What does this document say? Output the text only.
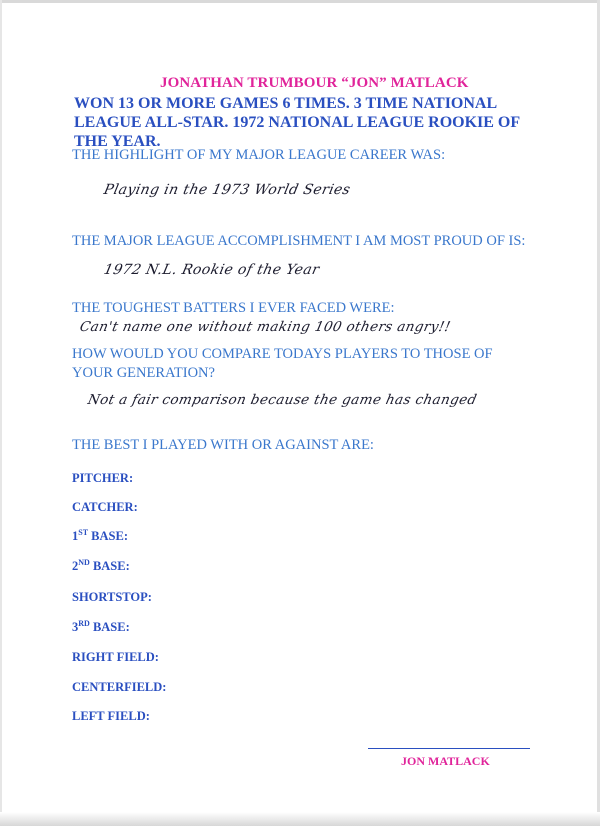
JONATHAN TRUMBOUR “JON” MATLACK
WON 13 OR MORE GAMES 6 TIMES. 3 TIME NATIONAL LEAGUE ALL-STAR. 1972 NATIONAL LEAGUE ROOKIE OF THE YEAR.
THE HIGHLIGHT OF MY MAJOR LEAGUE CAREER WAS:
Playing in the 1973 World Series
THE MAJOR LEAGUE ACCOMPLISHMENT I AM MOST PROUD OF IS:
1972 N.L. Rookie of the Year
THE TOUGHEST BATTERS I EVER FACED WERE:
Can't name one without making 100 others angry!!
HOW WOULD YOU COMPARE TODAYS PLAYERS TO THOSE OF
YOUR GENERATION?
Not a fair comparison because the game has changed
THE BEST I PLAYED WITH OR AGAINST ARE:
PITCHER:
CATCHER:
1ST BASE:
2ND BASE:
SHORTSTOP:
3RD BASE:
RIGHT FIELD:
CENTERFIELD:
LEFT FIELD:
JON MATLACK
